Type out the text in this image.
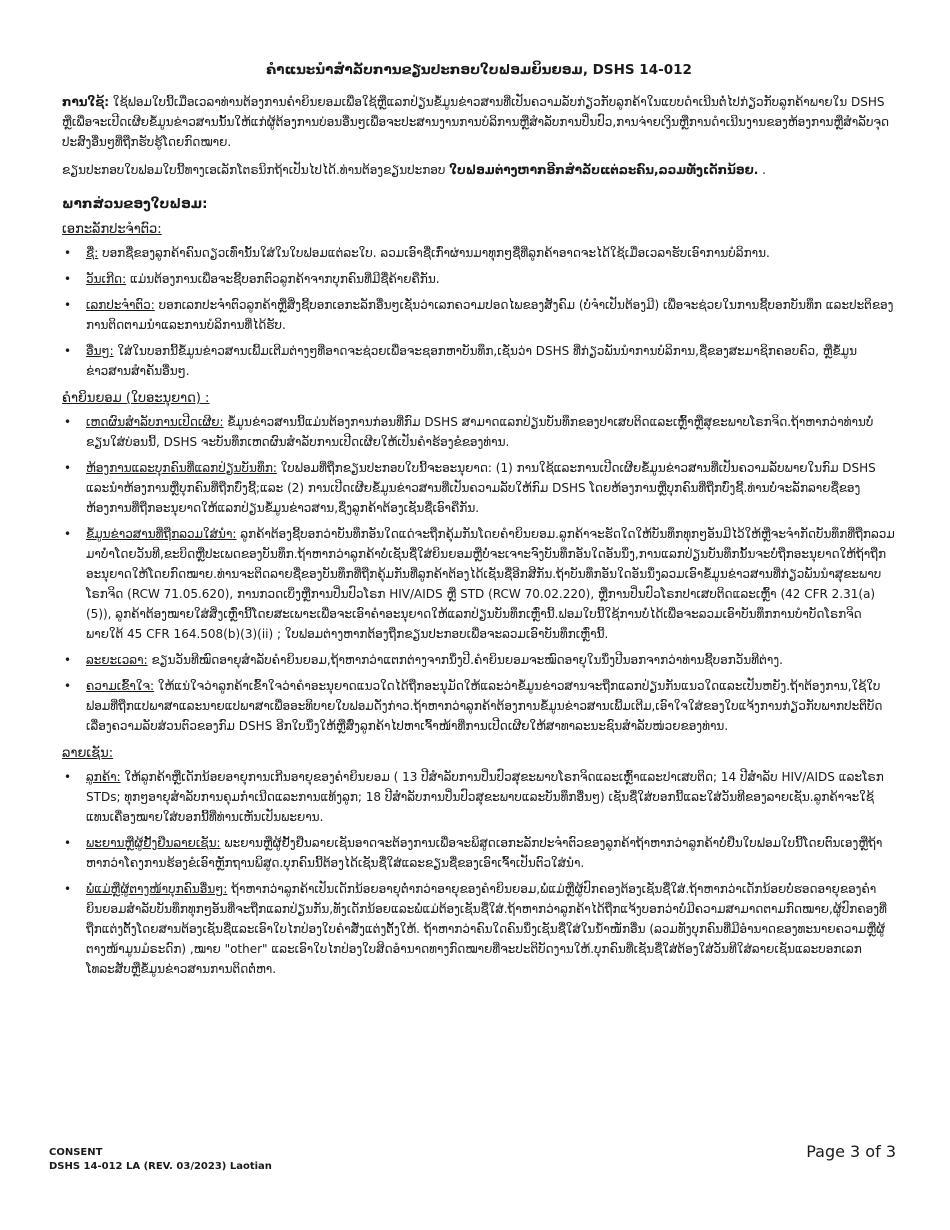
ຄຳແນະນຳສຳລັບການຂຽນປະກອບໃບຟອມຍິນຍອມ, DSHS 14-012

ການໃຊ້: ໃຊ້ຟອມໃບນີ້ເມື່ອເວລາທ່ານຕ້ອງການຄຳຍິນຍອມເພື່ອໃຊ້ຫຼືແລກປ່ຽນຂໍ້ມູນຂ່າວສານທີ່ເປັນຄວາມລັບກ່ຽວກັບລູກຄ້າໃນແບບດຳເນີນຕໍ່ໄປກ່ຽວກັບລູກຄ້າພາຍໃນ DSHS ຫຼືເພື່ອຈະເປີດເຜີຍຂໍ້ມູນຂ່າວສານນັ້ນໃຫ້ແກ່ຜູ້ຕ້ອງການບ່ອນອື່ນໆເພື່ອຈະປະສານງານການບໍລິການຫຼືສຳລັບການປິ່ນປົວ,ການຈ່າຍເງິນຫຼືການດຳເນີນງານຂອງຫ້ອງການຫຼືສຳລັບຈຸດປະສົງອື່ນໆທີ່ຖືກຮັບຮູ້ໂດຍກົດໝາຍ.

ຂຽນປະກອບໃບຟອມໃບນີ້ທາງເອເລັກໂຕຣນິກຖ້າເປັນໄປໄດ້.ທ່ານຕ້ອງຂຽນປະກອບ ໃບຟອມຕ່າງຫາກອີກສຳລັບແຕ່ລະຄົນ,ລວມທັງເດັກນ້ອຍ. .

ພາກສ່ວນຂອງໃບຟອມ:
ເອກະລັກປະຈຳຕົວ:
• ຊື່: ບອກຊື່ຂອງລູກຄ້າຄົນດຽວເທົ່ານັ້ນໃສ່ໃນໃບຟອມແຕ່ລະໃບ. ລວມເອົາຊື່ເກົ່າຜ່ານມາທຸກໆຊື່ທີ່ລູກຄ້າອາດຈະໄດ້ໃຊ້ເມື່ອເວລາຮັບເອົາການບໍລິການ.
• ວັນເກີດ: ແມ່ນຕ້ອງການເພື່ອຈະຊີ້ບອກຕົວລູກຄ້າຈາກບຸກຄົນທີ່ມີຊື່ຄ້າຍຄືກັນ.
• ເລກປະຈຳຕົວ: ບອກເລກປະຈຳຕົວລູກຄ້າຫຼືສິ່ງຊີ້ບອກເອກະລັກອື່ນໆເຊັ່ນວ່າເລກຄວາມປອດໄພຂອງສັງຄົມ (ບໍ່ຈຳເປັນຕ້ອງມີ) ເພື່ອຈະຊ່ວຍໃນການຊີ້ບອກບັນທຶກ ແລະປະຕິຂອງການຕິດຕາມນຳແລະການບໍລິການທີ່ໄດ້ຮັບ.
• ອື່ນໆ: ໃສ່ໃນບອກນີ້ຂໍ້ມູນຂ່າວສານເພີ້ມເຕີມຕ່າງໆທີ່ອາດຈະຊ່ວຍເພື່ອຈະຊອກຫາບັນທຶກ,ເຊັ່ນວ່າ DSHS ທີ່ກ່ຽວພັນນຳການບໍລິການ,ຊື່ຂອງສະມາຊິກຄອບຄົວ, ຫຼືຂໍ້ມູນຂ່າວສານສຳຄັນອື່ນໆ.
ຄຳຍິນຍອມ (ໃບອະນຸຍາດ) :
• ເຫດຜົນສຳລັບການເປີດເຜີຍ: ຂໍ້ມູນຂ່າວສານນີ້ແມ່ນຕ້ອງການກ່ອນທີ່ກົມ DSHS ສາມາດແລກປ່ຽນບັນທຶກຂອງປາເສບຕິດແລະເຫຼົ້າຫຼືສຸຂະພາບໂຣກຈິດ.ຖ້າຫາກວ່າທ່ານບໍ່ຂຽນໃສ່ບ່ອນນີ້, DSHS ຈະບັນທຶກເຫດຜົນສຳລັບການເປີດເຜີຍໃຫ້ເປັນຄຳຮ້ອງຂໍຂອງທ່ານ.
• ຫ້ອງການແລະບຸກຄົນທີ່ແລກປ່ຽນບັນທຶກ: ໃບຟອມທີ່ຖືກຂຽນປະກອບໃບນີ້ຈະອະນຸຍາດ: (1) ການໃຊ້ແລະການເປີດເຜີຍຂໍ້ມູນຂ່າວສານທີ່ເປັນຄວາມລັບພາຍໃນກົມ DSHS ແລະນຳຫ້ອງການຫຼືບຸກຄົນທີ່ຖືກບົ່ງຊີ້;ແລະ (2) ການເປີດເຜີຍຂໍ້ມູນຂ່າວສານທີ່ເປັນຄວາມລັບໃຫ້ກົມ DSHS ໂດຍຫ້ອງການຫຼືບຸກຄົນທີ່ຖືກບົ່ງຊີ້.ທ່ານບໍ່ຈະລັກລາຍຊື່ຂອງຫ້ອງການທີ່ຖືກອະນຸຍາດໃຫ້ແລກປ່ຽນຂໍ້ມູນຂ່າວສານ,ຊຶ່ງລູກຄ້າຕ້ອງເຊັນຊື່ເອົາຄືກັນ.
• ຂໍ້ມູນຂ່າວສານທີ່ຖືກລວມໃສ່ນຳ: ລູກຄ້າຕ້ອງຊີ້ບອກວ່າບັນທຶກອັນໃດແດ່ຈະຖືກຄຸ້ມກັນໂດຍຄຳຍິນຍອມ.ລູກຄ້າຈະຮັດໃດໃຫ້ບັນທຶກທຸກໆອັນມີໄວ້ໃຫ້ຫຼືຈະຈຳກັດບັນທຶກທີ່ຖືກລວມມາບໍ່າໂດຍວັນທີ,ຂະບິດຫຼືປະເພດຂອງບັນທຶກ.ຖ້າຫາກວ່າລູກຄ້າບໍ່ເຊັນຊື່ໃສ່ຍິນຍອມຫຼືບໍ່ຈະເຈາະຈົງບັນທຶກອັນໃດອັນນຶ່ງ,ການແລກປ່ຽນບັນທຶກນັ້ນຈະບໍ່ຖືກອະນຸຍາດໃຫ້ຖ້າຖືກອະນຸຍາດໃຫ້ໂດຍກົດໝາຍ.ທ່ານຈະຕິດລາຍຊື່ຂອງບັນທຶກທີ່ຖືກຄຸ້ມກັນທີ່ລູກຄ້າຕ້ອງໄດ້ເຊັນຊື່ອີກສີກັນ.ຖ້າບັນທຶກອັນໃດອັນນຶ່ງລວມເອົາຂໍ້ມູນຂ່າວສານທີ່ກ່ຽວພັນນຳສຸຂະພາບໂຣກຈິດ (RCW 71.05.620), ການກວດເບິ່ງຫຼືການປິ່ນປົວໂຣກ HIV/AIDS ຫຼື STD (RCW 70.02.220), ຫຼືການປິ່ນປົວໂຣກປາເສບຕິດແລະເຫຼົ້າ (42 CFR 2.31(a)(5)), ລູກຄ້າຕ້ອງໝາຍໃສ່ສິ່ງເຫຼົ່ານີ້ໂດຍສະເພາະເພື່ອຈະເອົາຄຳອະນຸຍາດໃຫ້ແລກປ່ຽນບັນທຶກເຫຼົ່ານີ້.ຟອມໃບນີ້ໃຊ້ການບໍ່ໄດ້ເພື່ອຈະລວມເອົາບັນທຶກການບຳບັດໂຣກຈິດພາຍໃຕ້ 45 CFR 164.508(b)(3)(ii) ; ໃບຟອມຕ່າງຫາກຕ້ອງຖືກຂຽນປະກອບເພື່ອຈະລວມເອົາບັນທຶກເຫຼົ່ານີ້.
• ລະຍະເວລາ: ຂຽນວັນທີໝົດອາຍຸສຳລັບຄຳຍິນຍອມ,ຖ້າຫາກວ່າແຕກຕ່າງຈາກນຶ່ງປີ.ຄຳຍິນຍອມຈະໝົດອາຍຸໃນນຶ່ງປີນອກຈາກວ່າທ່ານຊີ້ບອກວັນທີຕ່າງ.
• ຄວາມເຂົ້າໃຈ: ໃຫ້ແນ່ໃຈວ່າລູກຄ້າເຂົ້າໃຈວ່າຄຳອະນຸຍາດແນວໃດໄດ້ຖືກອະນຸມັດໃຫ້ແລະວ່າຂໍ້ມູນຂ່າວສານຈະຖືກແລກປ່ຽນກັນແນວໃດແລະເປັນຫຍັງ.ຖ້າຕ້ອງການ,ໃຊ້ໃບຟອມທີ່ຖືກແປພາສາແລະນາຍແປພາສາເພື່ອອະທິບາຍໃບຟອມດັ່ງກ່າວ.ຖ້າຫາກວ່າລູກຄ້າຕ້ອງການຂໍ້ມູນຂ່າວສານເພີ້ມເຕີມ,ເອົາໃຈໃສ່ຂອງໃບແຈ້ງການກ່ຽວກັບພາກປະຕິບັດເລື່ອງຄວາມລັບສ່ວນຕົວຂອງກົມ DSHS ອີກໃບນຶ່ງໃຫ້ຫຼືສົ່ງລູກຄ້າໄປຫາເຈົ້າໜ້າທີ່ການເປີດເຜີຍໃຫ້ສາທາລະນະຊົນສຳລັບໜ່ວຍຂອງທ່ານ.
ລາຍເຊັນ:
• ລູກຄ້າ: ໃຫ້ລູກຄ້າຫຼືເດັກນ້ອຍອາຍຸການເກີນອາຍຸຂອງຄຳຍິນຍອມ ( 13 ປີສຳລັບການປິ່ນປົວສຸຂະພາບໂຣກຈິດແລະເຫຼົ້າແລະປາເສບຕິດ; 14 ປີສຳລັບ HIV/AIDS ແລະໂຣກ STDs; ທຸກໆອາຍຸສຳລັບການຄຸມກຳເນີດແລະການແທ້ງລູກ; 18 ປີສຳລັບການປິ່ນປົວສຸຂະພາບແລະບັນທຶກອື່ນໆ) ເຊັນຊື່ໃສ່ບອກນີ້ແລະໃສ່ວັນທີຂອງລາຍເຊັນ.ລູກຄ້າຈະໃຊ້ແທນເຄື່ອງໝາຍໃສ່ບອກນີ້ທີ່ທ່ານເຫັນເປັນພະຍານ.
• ພະຍານຫຼືຜູ້ຢັ້ງຢືນລາຍເຊັນ: ພະຍານຫຼືຜູ້ຢັ້ງຢືນລາຍເຊັນອາດຈະຕ້ອງການເພື່ອຈະພິສູດເອກະລັກປະຈຳຕົວຂອງລູກຄ້າຖ້າຫາກວ່າລູກຄ້າບໍ່ຢືນໃບຟອມໃບນີ້ໂດຍຕົນເອງຫຼືຖ້າຫາກວ່າໂຄງການຮ້ອງຂໍເອົາຫຼັກຖານພິສູດ.ບຸກຄົນນີ້ຕ້ອງໄດ້ເຊັນຊື່ໃສ່ແລະຂຽນຊື່ຂອງເອົາເຈົ້າເປັນຕົວໃສ່ນຳ.
• ພໍ່ແມ່ຫຼືຜູ້ຕາງໜ້າບຸກຄົນອື່ນໆ: ຖ້າຫາກວ່າລູກຄ້າເປັນເດັກນ້ອຍອາຍຸຕ່ຳກວ່າອາຍຸຂອງຄຳຍິນຍອມ,ພໍ່ແມ່ຫຼືຜູ້ປົກຄອງຕ້ອງເຊັນຊື່ໃສ່.ຖ້າຫາກວ່າເດັກນ້ອຍບໍ່ຮອດອາຍຸຂອງຄຳຍິນຍອມສຳລັບບັນທຶກທຸກໆອັນທີ່ຈະຖືກແລກປ່ຽນກັນ,ທັງເດັກນ້ອຍແລະພໍ່ແມ່ຕ້ອງເຊັນຊື່ໃສ່.ຖ້າຫາກວ່າລູກຄ້າໄດ້ຖືກແຈ້ງບອກວ່າບໍ່ມີຄວາມສາມາດຕາມກົດໝາຍ,ຜູ້ປົກຄອງທີ່ຖືກແຕ່ງຕັ້ງໂດຍສານຕ້ອງເຊັນຊື່ແລະເອົາໃບໄກປ່ອງໃບຄຳສັ່ງແຕ່ງຕັ້ງໃຫ້. ຖ້າຫາກວ່າຄົນໃດຄົນນຶ່ງເຊັນຊື່ໃສ່ໃນນ້ຳໜັກອື່ນ (ລວມທັງບຸກຄົນທີ່ມີອຳນາດຂອງທະນາຍຄວາມຫຼືຜູ້ຕາງໜ້າມູນມໍຣະດົກ) ,ໝາຍ "other" ແລະເອົາໃບໄກປ່ອງໃບສິດອຳນາດທາງກົດໝາຍທີ່ຈະປະຕິບັດງານໃຫ້.ບຸກຄົນທີ່ເຊັນຊື່ໃສ່ຕ້ອງໃສ່ວັນທີໃສ່ລາຍເຊັນແລະບອກເລກໂທລະສັບຫຼືຂໍ້ມູນຂ່າວສານການຕິດຕໍ່ຫາ.
CONSENT
DSHS 14-012 LA (REV. 03/2023) Laotian
Page 3 of 3
